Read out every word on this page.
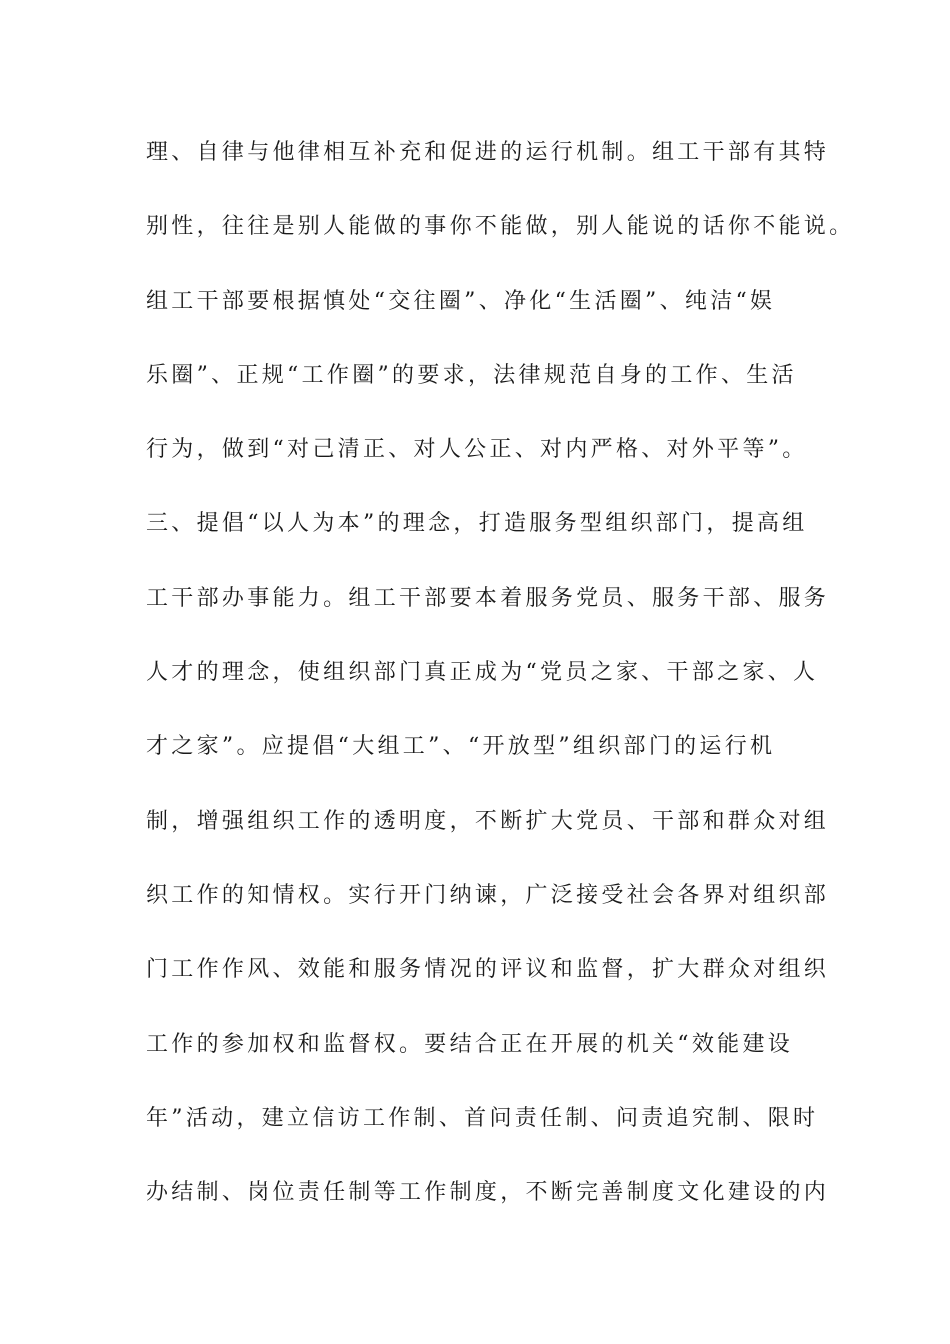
理、自律与他律相互补充和促进的运行机制。组工干部有其特
别性，往往是别人能做的事你不能做，别人能说的话你不能说。
组工干部要根据慎处“交往圈”、净化“生活圈”、纯洁“娱
乐圈”、正规“工作圈”的要求，法律规范自身的工作、生活
行为，做到“对己清正、对人公正、对内严格、对外平等”。
三、提倡“以人为本”的理念，打造服务型组织部门，提高组
工干部办事能力。组工干部要本着服务党员、服务干部、服务
人才的理念，使组织部门真正成为“党员之家、干部之家、人
才之家”。应提倡“大组工”、“开放型”组织部门的运行机
制，增强组织工作的透明度，不断扩大党员、干部和群众对组
织工作的知情权。实行开门纳谏，广泛接受社会各界对组织部
门工作作风、效能和服务情况的评议和监督，扩大群众对组织
工作的参加权和监督权。要结合正在开展的机关“效能建设
年”活动，建立信访工作制、首问责任制、问责追究制、限时
办结制、岗位责任制等工作制度，不断完善制度文化建设的内
